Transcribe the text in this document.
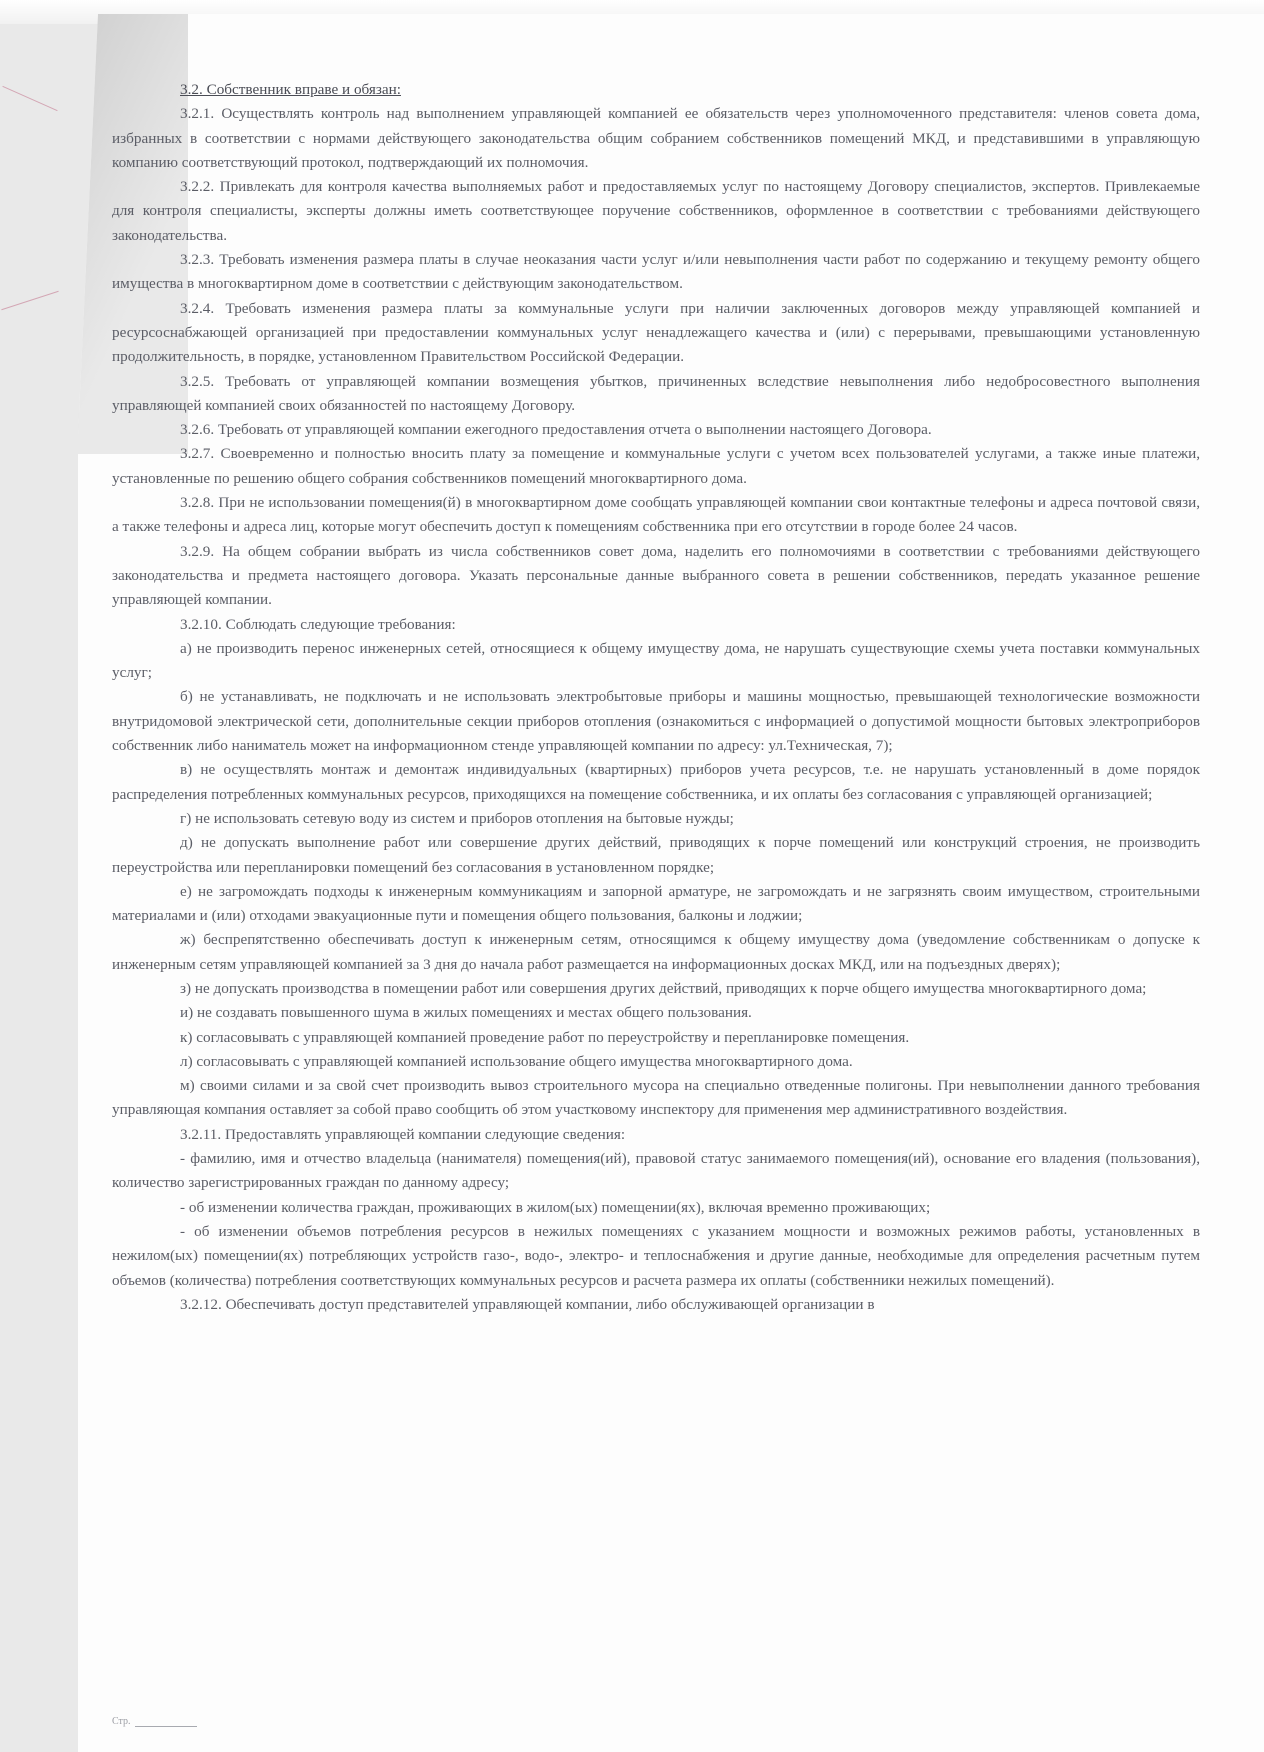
3.2. Собственник вправе и обязан:

3.2.1. Осуществлять контроль над выполнением управляющей компанией ее обязательств через уполномоченного представителя: членов совета дома, избранных в соответствии с нормами действующего законодательства общим собранием собственников помещений МКД, и представившими в управляющую компанию соответствующий протокол, подтверждающий их полномочия.

3.2.2. Привлекать для контроля качества выполняемых работ и предоставляемых услуг по настоящему Договору специалистов, экспертов. Привлекаемые для контроля специалисты, эксперты должны иметь соответствующее поручение собственников, оформленное в соответствии с требованиями действующего законодательства.

3.2.3. Требовать изменения размера платы в случае неоказания части услуг и/или невыполнения части работ по содержанию и текущему ремонту общего имущества в многоквартирном доме в соответствии с действующим законодательством.

3.2.4. Требовать изменения размера платы за коммунальные услуги при наличии заключенных договоров между управляющей компанией и ресурсоснабжающей организацией при предоставлении коммунальных услуг ненадлежащего качества и (или) с перерывами, превышающими установленную продолжительность, в порядке, установленном Правительством Российской Федерации.

3.2.5. Требовать от управляющей компании возмещения убытков, причиненных вследствие невыполнения либо недобросовестного выполнения управляющей компанией своих обязанностей по настоящему Договору.

3.2.6. Требовать от управляющей компании ежегодного предоставления отчета о выполнении настоящего Договора.

3.2.7. Своевременно и полностью вносить плату за помещение и коммунальные услуги с учетом всех пользователей услугами, а также иные платежи, установленные по решению общего собрания собственников помещений многоквартирного дома.

3.2.8. При не использовании помещения(й) в многоквартирном доме сообщать управляющей компании свои контактные телефоны и адреса почтовой связи, а также телефоны и адреса лиц, которые могут обеспечить доступ к помещениям собственника при его отсутствии в городе более 24 часов.

3.2.9. На общем собрании выбрать из числа собственников совет дома, наделить его полномочиями в соответствии с требованиями действующего законодательства и предмета настоящего договора. Указать персональные данные выбранного совета в решении собственников, передать указанное решение управляющей компании.

3.2.10. Соблюдать следующие требования:

а) не производить перенос инженерных сетей, относящиеся к общему имуществу дома, не нарушать существующие схемы учета поставки коммунальных услуг;

б) не устанавливать, не подключать и не использовать электробытовые приборы и машины мощностью, превышающей технологические возможности внутридомовой электрической сети, дополнительные секции приборов отопления (ознакомиться с информацией о допустимой мощности бытовых электроприборов собственник либо наниматель может на информационном стенде управляющей компании по адресу: ул.Техническая, 7);

в) не осуществлять монтаж и демонтаж индивидуальных (квартирных) приборов учета ресурсов, т.е. не нарушать установленный в доме порядок распределения потребленных коммунальных ресурсов, приходящихся на помещение собственника, и их оплаты без согласования с управляющей организацией;

г) не использовать сетевую воду из систем и приборов отопления на бытовые нужды;

д) не допускать выполнение работ или совершение других действий, приводящих к порче помещений или конструкций строения, не производить переустройства или перепланировки помещений без согласования в установленном порядке;

е) не загромождать подходы к инженерным коммуникациям и запорной арматуре, не загромождать и не загрязнять своим имуществом, строительными материалами и (или) отходами эвакуационные пути и помещения общего пользования, балконы и лоджии;

ж) беспрепятственно обеспечивать доступ к инженерным сетям, относящимся к общему имуществу дома (уведомление собственникам о допуске к инженерным сетям управляющей компанией за 3 дня до начала работ размещается на информационных досках МКД, или на подъездных дверях);

з) не допускать производства в помещении работ или совершения других действий, приводящих к порче общего имущества многоквартирного дома;

и) не создавать повышенного шума в жилых помещениях и местах общего пользования.

к) согласовывать с управляющей компанией проведение работ по переустройству и перепланировке помещения.

л) согласовывать с управляющей компанией использование общего имущества многоквартирного дома.

м) своими силами и за свой счет производить вывоз строительного мусора на специально отведенные полигоны. При невыполнении данного требования управляющая компания оставляет за собой право сообщить об этом участковому инспектору для применения мер административного воздействия.

3.2.11. Предоставлять управляющей компании следующие сведения:

- фамилию, имя и отчество владельца (нанимателя) помещения(ий), правовой статус занимаемого помещения(ий), основание его владения (пользования), количество зарегистрированных граждан по данному адресу;

- об изменении количества граждан, проживающих в жилом(ых) помещении(ях), включая временно проживающих;

- об изменении объемов потребления ресурсов в нежилых помещениях с указанием мощности и возможных режимов работы, установленных в нежилом(ых) помещении(ях) потребляющих устройств газо-, водо-, электро- и теплоснабжения и другие данные, необходимые для определения расчетным путем объемов (количества) потребления соответствующих коммунальных ресурсов и расчета размера их оплаты (собственники нежилых помещений).

3.2.12. Обеспечивать доступ представителей управляющей компании, либо обслуживающей организации в

Стр.
